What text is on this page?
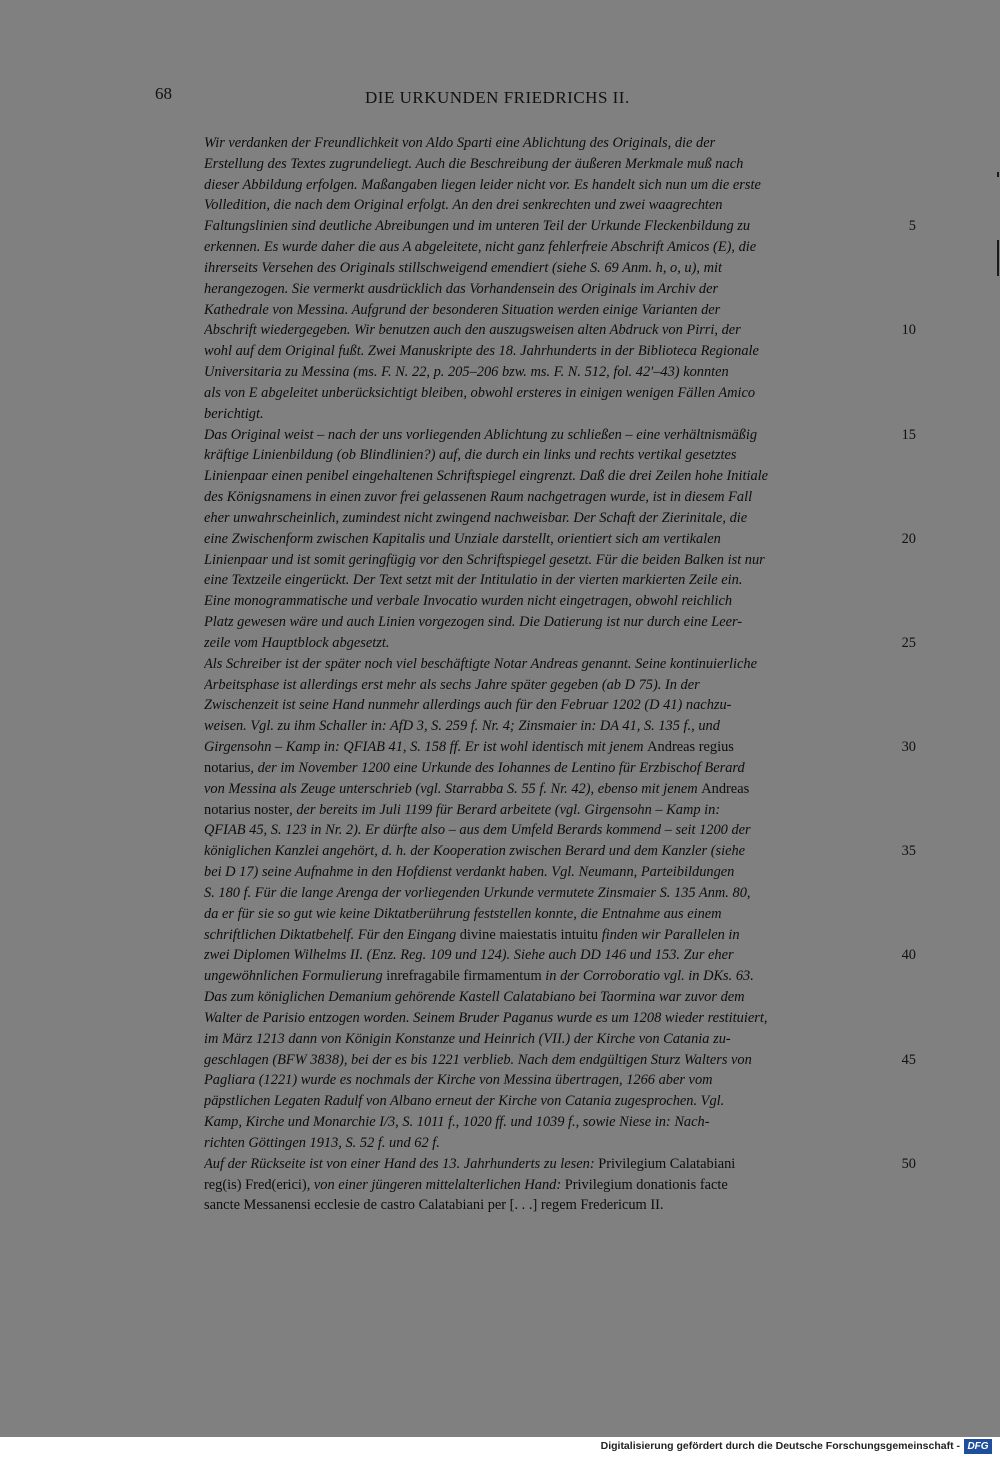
68	DIE URKUNDEN FRIEDRICHS II.
Wir verdanken der Freundlichkeit von Aldo Sparti eine Ablichtung des Originals, die der
Erstellung des Textes zugrundeliegt. Auch die Beschreibung der äußeren Merkmale muß nach
dieser Abbildung erfolgen. Maßangaben liegen leider nicht vor. Es handelt sich nun um die erste
Volledition, die nach dem Original erfolgt. An den drei senkrechten und zwei waagrechten
Faltungslinien sind deutliche Abreibungen und im unteren Teil der Urkunde Fleckenbildung zu
erkennen. Es wurde daher die aus A abgeleitete, nicht ganz fehlerfreie Abschrift Amicos (E), die
ihrerseits Versehen des Originals stillschweigend emendiert (siehe S. 69 Anm. h, o, u), mit
herangezogen. Sie vermerkt ausdrücklich das Vorhandensein des Originals im Archiv der
Kathedrale von Messina. Aufgrund der besonderen Situation werden einige Varianten der
Abschrift wiedergegeben. Wir benutzen auch den auszugsweisen alten Abdruck von Pirri, der
wohl auf dem Original fußt. Zwei Manuskripte des 18. Jahrhunderts in der Biblioteca Regionale
Universitaria zu Messina (ms. F. N. 22, p. 205–206 bzw. ms. F. N. 512, fol. 42'–43) konnten
als von E abgeleitet unberücksichtigt bleiben, obwohl ersteres in einigen wenigen Fällen Amico
berichtigt.
Das Original weist – nach der uns vorliegenden Ablichtung zu schließen – eine verhältnismäßig
kräftige Linienbildung (ob Blindlinien?) auf, die durch ein links und rechts vertikal gesetztes
Linienpaar einen penibel eingehaltenen Schriftspiegel eingrenzt. Daß die drei Zeilen hohe Initiale
des Königsnamens in einen zuvor frei gelassenen Raum nachgetragen wurde, ist in diesem Fall
eher unwahrscheinlich, zumindest nicht zwingend nachweisbar. Der Schaft der Zierinitale, die
eine Zwischenform zwischen Kapitalis und Unziale darstellt, orientiert sich am vertikalen
Linienpaar und ist somit geringfügig vor den Schriftspiegel gesetzt. Für die beiden Balken ist nur
eine Textzeile eingerückt. Der Text setzt mit der Intitulatio in der vierten markierten Zeile ein.
Eine monogrammatische und verbale Invocatio wurden nicht eingetragen, obwohl reichlich
Platz gewesen wäre und auch Linien vorgezogen sind. Die Datierung ist nur durch eine Leer-
zeile vom Hauptblock abgesetzt.
Als Schreiber ist der später noch viel beschäftigte Notar Andreas genannt. Seine kontinuierliche
Arbeitsphase ist allerdings erst mehr als sechs Jahre später gegeben (ab D 75). In der
Zwischenzeit ist seine Hand nunmehr allerdings auch für den Februar 1202 (D 41) nachzu-
weisen. Vgl. zu ihm Schaller in: AfD 3, S. 259 f. Nr. 4; Zinsmaier in: DA 41, S. 135 f., und
Girgensohn – Kamp in: QFIAB 41, S. 158 ff. Er ist wohl identisch mit jenem Andreas regius
notarius, der im November 1200 eine Urkunde des Iohannes de Lentino für Erzbischof Berard
von Messina als Zeuge unterschrieb (vgl. Starrabba S. 55 f. Nr. 42), ebenso mit jenem Andreas
notarius noster, der bereits im Juli 1199 für Berard arbeitete (vgl. Girgensohn – Kamp in:
QFIAB 45, S. 123 in Nr. 2). Er dürfte also – aus dem Umfeld Berards kommend – seit 1200 der
königlichen Kanzlei angehört, d. h. der Kooperation zwischen Berard und dem Kanzler (siehe
bei D 17) seine Aufnahme in den Hofdienst verdankt haben. Vgl. Neumann, Parteibildungen
S. 180 f. Für die lange Arenga der vorliegenden Urkunde vermutete Zinsmaier S. 135 Anm. 80,
da er für sie so gut wie keine Diktatberührung feststellen konnte, die Entnahme aus einem
schriftlichen Diktatbehelf. Für den Eingang divine maiestatis intuitu finden wir Parallelen in
zwei Diplomen Wilhelms II. (Enz. Reg. 109 und 124). Siehe auch DD 146 und 153. Zur eher
ungewöhnlichen Formulierung inrefragabile firmamentum in der Corroboratio vgl. in DKs. 63.
Das zum königlichen Demanium gehörende Kastell Calatabiano bei Taormina war zuvor dem
Walter de Parisio entzogen worden. Seinem Bruder Paganus wurde es um 1208 wieder restituiert,
im März 1213 dann von Königin Konstanze und Heinrich (VII.) der Kirche von Catania zu-
geschlagen (BFW 3838), bei der es bis 1221 verblieb. Nach dem endgültigen Sturz Walters von
Pagliara (1221) wurde es nochmals der Kirche von Messina übertragen, 1266 aber vom
päpstlichen Legaten Radulf von Albano erneut der Kirche von Catania zugesprochen. Vgl.
Kamp, Kirche und Monarchie I/3, S. 1011 f., 1020 ff. und 1039 f., sowie Niese in: Nach-
richten Göttingen 1913, S. 52 f. und 62 f.
Auf der Rückseite ist von einer Hand des 13. Jahrhunderts zu lesen: Privilegium Calatabiani
reg(is) Fred(erici), von einer jüngeren mittelalterlichen Hand: Privilegium donationis facte
sancte Messanensi ecclesie de castro Calatabiani per [. . .] regem Fredericum II.
5
10
15
20
25
30
35
40
45
50
Digitalisierung gefördert durch die Deutsche Forschungsgemeinschaft - DFG
